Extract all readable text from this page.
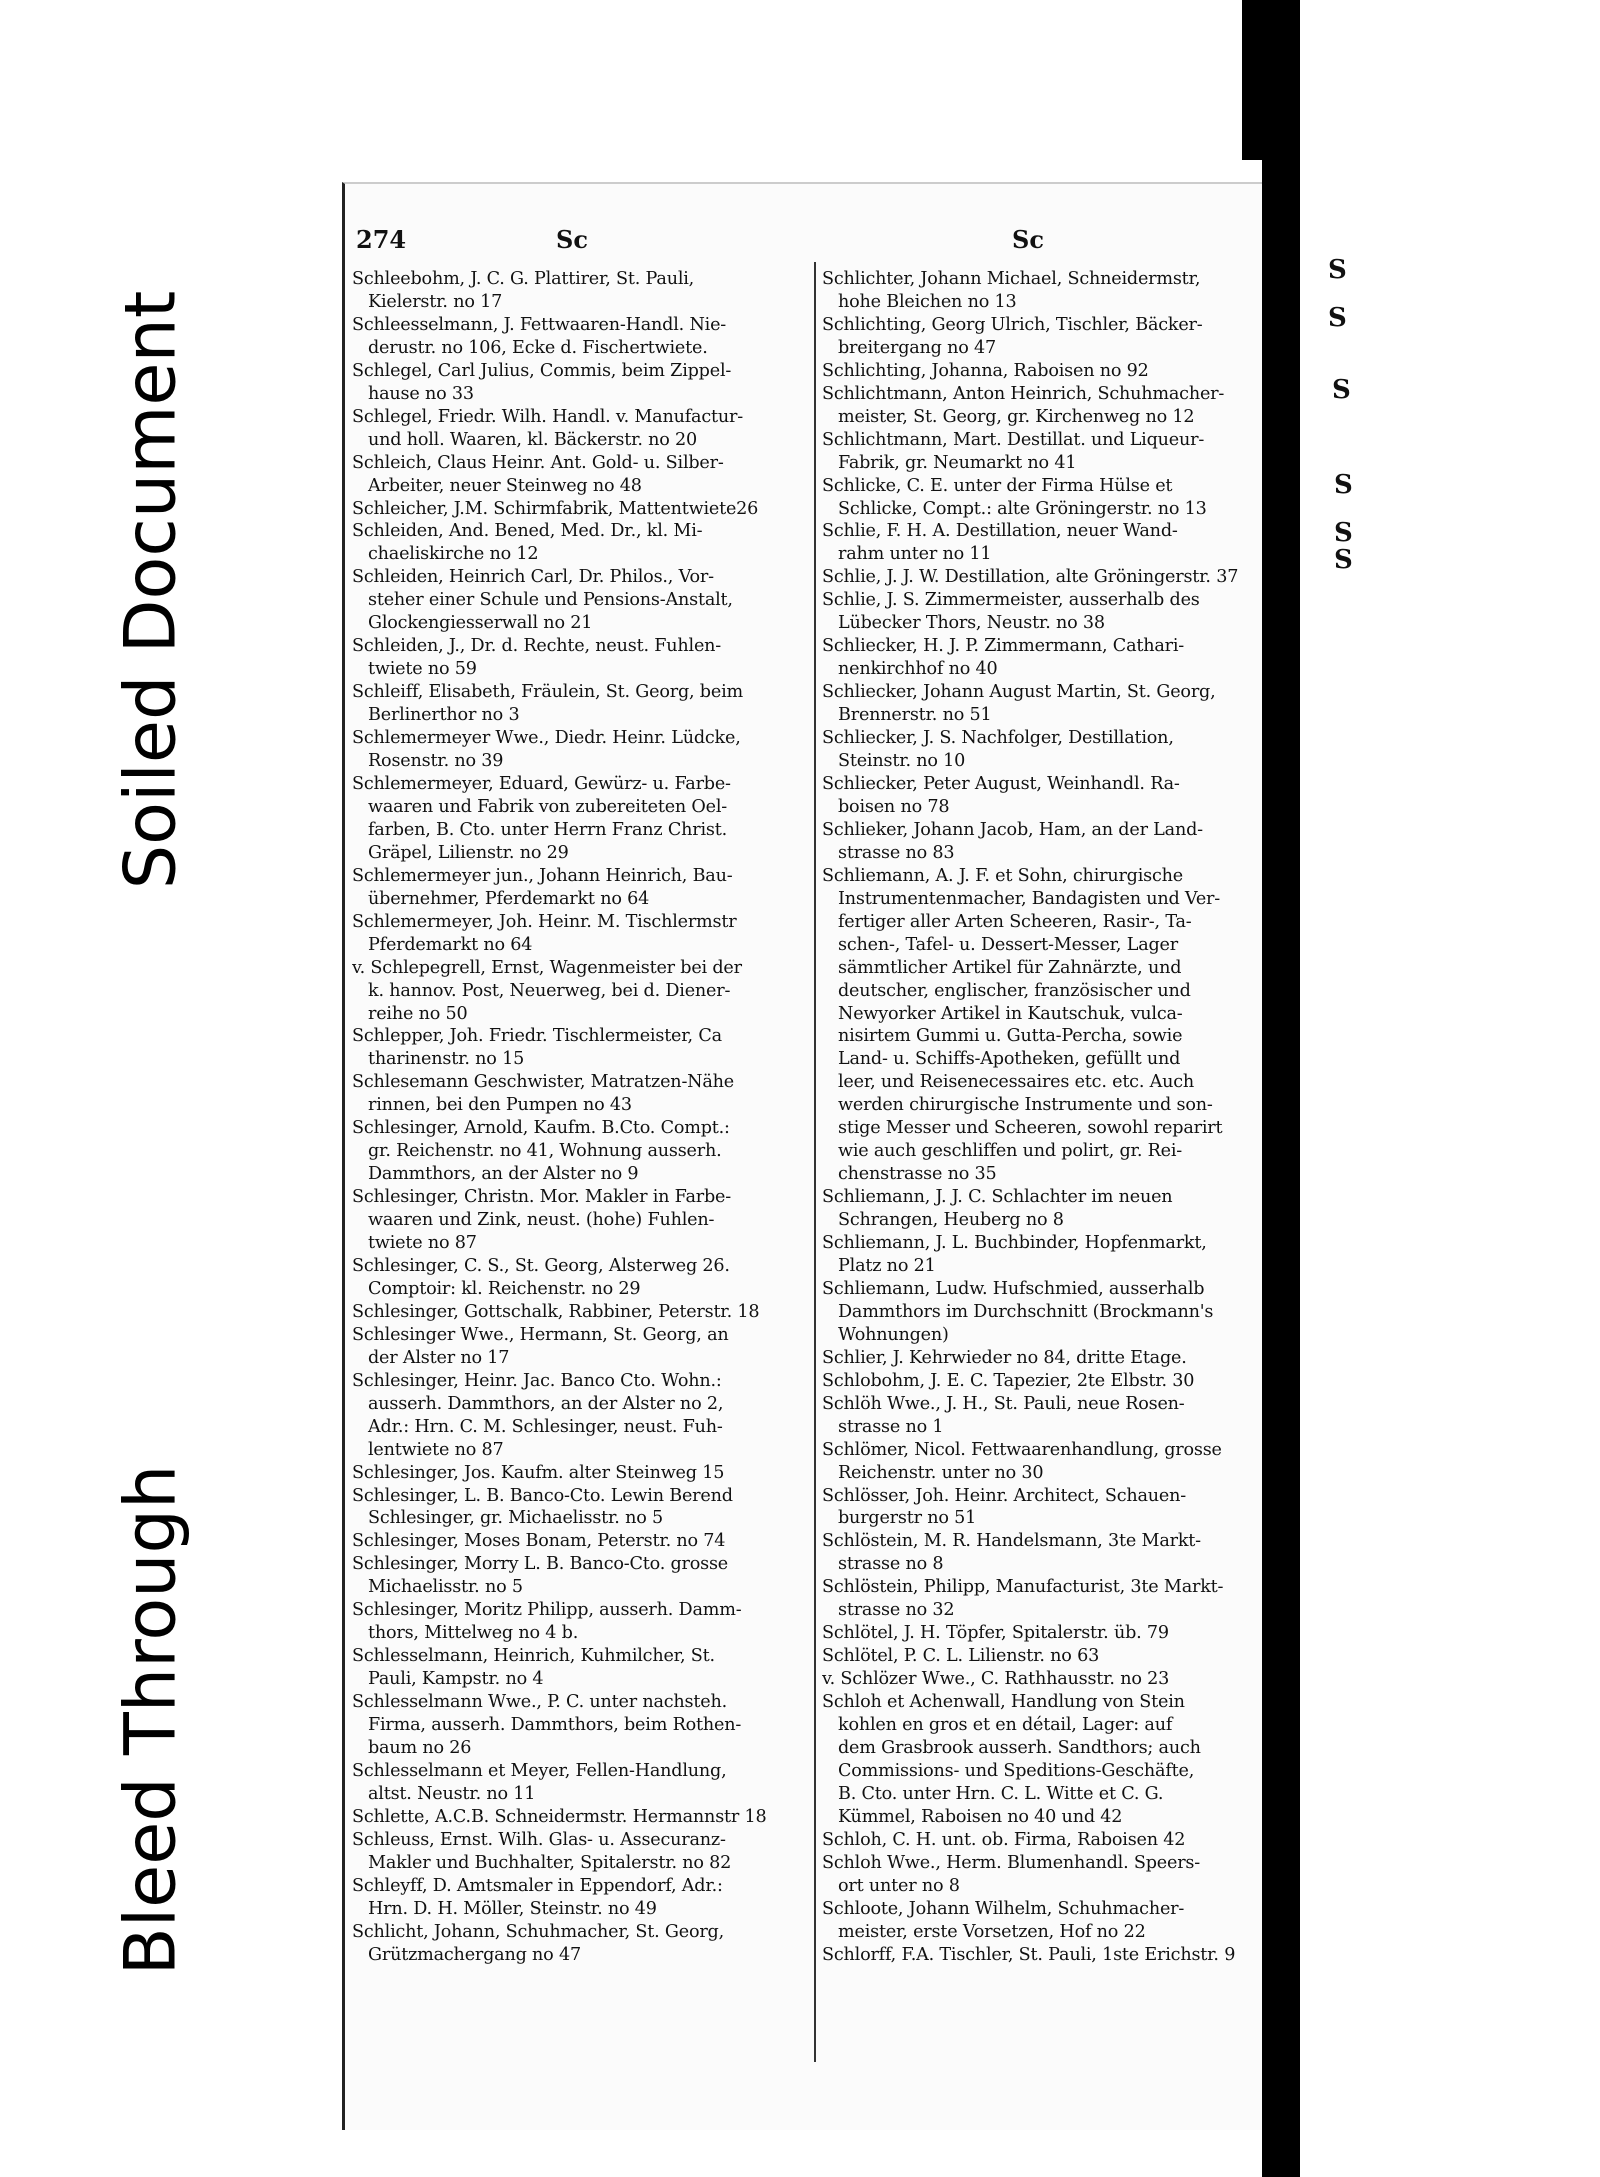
Soiled Document
Bleed Through
S
S
S
S
S
S
274	Sc	Sc
Schleebohm, J. C. G. Plattirer, St. Pauli,
Kielerstr. no 17
Schleesselmann, J. Fettwaaren-Handl. Nie-
derustr. no 106, Ecke d. Fischertwiete.
Schlegel, Carl Julius, Commis, beim Zippel-
hause no 33
Schlegel, Friedr. Wilh. Handl. v. Manufactur-
und holl. Waaren, kl. Bäckerstr. no 20
Schleich, Claus Heinr. Ant. Gold- u. Silber-
Arbeiter, neuer Steinweg no 48
Schleicher, J.M. Schirmfabrik, Mattentwiete26
Schleiden, And. Bened, Med. Dr., kl. Mi-
chaeliskirche no 12
Schleiden, Heinrich Carl, Dr. Philos., Vor-
steher einer Schule und Pensions-Anstalt,
Glockengiesserwall no 21
Schleiden, J., Dr. d. Rechte, neust. Fuhlen-
twiete no 59
Schleiff, Elisabeth, Fräulein, St. Georg, beim
Berlinerthor no 3
Schlemermeyer Wwe., Diedr. Heinr. Lüdcke,
Rosenstr. no 39
Schlemermeyer, Eduard, Gewürz- u. Farbe-
waaren und Fabrik von zubereiteten Oel-
farben, B. Cto. unter Herrn Franz Christ.
Gräpel, Lilienstr. no 29
Schlemermeyer jun., Johann Heinrich, Bau-
übernehmer, Pferdemarkt no 64
Schlemermeyer, Joh. Heinr. M. Tischlermstr
Pferdemarkt no 64
v. Schlepegrell, Ernst, Wagenmeister bei der
k. hannov. Post, Neuerweg, bei d. Diener-
reihe no 50
Schlepper, Joh. Friedr. Tischlermeister, Ca
tharinenstr. no 15
Schlesemann Geschwister, Matratzen-Nähe
rinnen, bei den Pumpen no 43
Schlesinger, Arnold, Kaufm. B.Cto. Compt.:
gr. Reichenstr. no 41, Wohnung ausserh.
Dammthors, an der Alster no 9
Schlesinger, Christn. Mor. Makler in Farbe-
waaren und Zink, neust. (hohe) Fuhlen-
twiete no 87
Schlesinger, C. S., St. Georg, Alsterweg 26.
Comptoir: kl. Reichenstr. no 29
Schlesinger, Gottschalk, Rabbiner, Peterstr. 18
Schlesinger Wwe., Hermann, St. Georg, an
der Alster no 17
Schlesinger, Heinr. Jac. Banco Cto. Wohn.:
ausserh. Dammthors, an der Alster no 2,
Adr.: Hrn. C. M. Schlesinger, neust. Fuh-
lentwiete no 87
Schlesinger, Jos. Kaufm. alter Steinweg 15
Schlesinger, L. B. Banco-Cto. Lewin Berend
Schlesinger, gr. Michaelisstr. no 5
Schlesinger, Moses Bonam, Peterstr. no 74
Schlesinger, Morry L. B. Banco-Cto. grosse
Michaelisstr. no 5
Schlesinger, Moritz Philipp, ausserh. Damm-
thors, Mittelweg no 4 b.
Schlesselmann, Heinrich, Kuhmilcher, St.
Pauli, Kampstr. no 4
Schlesselmann Wwe., P. C. unter nachsteh.
Firma, ausserh. Dammthors, beim Rothen-
baum no 26
Schlesselmann et Meyer, Fellen-Handlung,
altst. Neustr. no 11
Schlette, A.C.B. Schneidermstr. Hermannstr 18
Schleuss, Ernst. Wilh. Glas- u. Assecuranz-
Makler und Buchhalter, Spitalerstr. no 82
Schleyff, D. Amtsmaler in Eppendorf, Adr.:
Hrn. D. H. Möller, Steinstr. no 49
Schlicht, Johann, Schuhmacher, St. Georg,
Grützmachergang no 47
Schlichter, Johann Michael, Schneidermstr,
hohe Bleichen no 13
Schlichting, Georg Ulrich, Tischler, Bäcker-
breitergang no 47
Schlichting, Johanna, Raboisen no 92
Schlichtmann, Anton Heinrich, Schuhmacher-
meister, St. Georg, gr. Kirchenweg no 12
Schlichtmann, Mart. Destillat. und Liqueur-
Fabrik, gr. Neumarkt no 41
Schlicke, C. E. unter der Firma Hülse et
Schlicke, Compt.: alte Gröningerstr. no 13
Schlie, F. H. A. Destillation, neuer Wand-
rahm unter no 11
Schlie, J. J. W. Destillation, alte Gröningerstr. 37
Schlie, J. S. Zimmermeister, ausserhalb des
Lübecker Thors, Neustr. no 38
Schliecker, H. J. P. Zimmermann, Cathari-
nenkirchhof no 40
Schliecker, Johann August Martin, St. Georg,
Brennerstr. no 51
Schliecker, J. S. Nachfolger, Destillation,
Steinstr. no 10
Schliecker, Peter August, Weinhandl. Ra-
boisen no 78
Schlieker, Johann Jacob, Ham, an der Land-
strasse no 83
Schliemann, A. J. F. et Sohn, chirurgische
Instrumentenmacher, Bandagisten und Ver-
fertiger aller Arten Scheeren, Rasir-, Ta-
schen-, Tafel- u. Dessert-Messer, Lager
sämmtlicher Artikel für Zahnärzte, und
deutscher, englischer, französischer und
Newyorker Artikel in Kautschuk, vulca-
nisirtem Gummi u. Gutta-Percha, sowie
Land- u. Schiffs-Apotheken, gefüllt und
leer, und Reisenecessaires etc. etc. Auch
werden chirurgische Instrumente und son-
stige Messer und Scheeren, sowohl reparirt
wie auch geschliffen und polirt, gr. Rei-
chenstrasse no 35
Schliemann, J. J. C. Schlachter im neuen
Schrangen, Heuberg no 8
Schliemann, J. L. Buchbinder, Hopfenmarkt,
Platz no 21
Schliemann, Ludw. Hufschmied, ausserhalb
Dammthors im Durchschnitt (Brockmann's
Wohnungen)
Schlier, J. Kehrwieder no 84, dritte Etage.
Schlobohm, J. E. C. Tapezier, 2te Elbstr. 30
Schlöh Wwe., J. H., St. Pauli, neue Rosen-
strasse no 1
Schlömer, Nicol. Fettwaarenhandlung, grosse
Reichenstr. unter no 30
Schlösser, Joh. Heinr. Architect, Schauen-
burgerstr no 51
Schlöstein, M. R. Handelsmann, 3te Markt-
strasse no 8
Schlöstein, Philipp, Manufacturist, 3te Markt-
strasse no 32
Schlötel, J. H. Töpfer, Spitalerstr. üb. 79
Schlötel, P. C. L. Lilienstr. no 63
v. Schlözer Wwe., C. Rathhausstr. no 23
Schloh et Achenwall, Handlung von Stein
kohlen en gros et en détail, Lager: auf
dem Grasbrook ausserh. Sandthors; auch
Commissions- und Speditions-Geschäfte,
B. Cto. unter Hrn. C. L. Witte et C. G.
Kümmel, Raboisen no 40 und 42
Schloh, C. H. unt. ob. Firma, Raboisen 42
Schloh Wwe., Herm. Blumenhandl. Speers-
ort unter no 8
Schloote, Johann Wilhelm, Schuhmacher-
meister, erste Vorsetzen, Hof no 22
Schlorff, F.A. Tischler, St. Pauli, 1ste Erichstr. 9
